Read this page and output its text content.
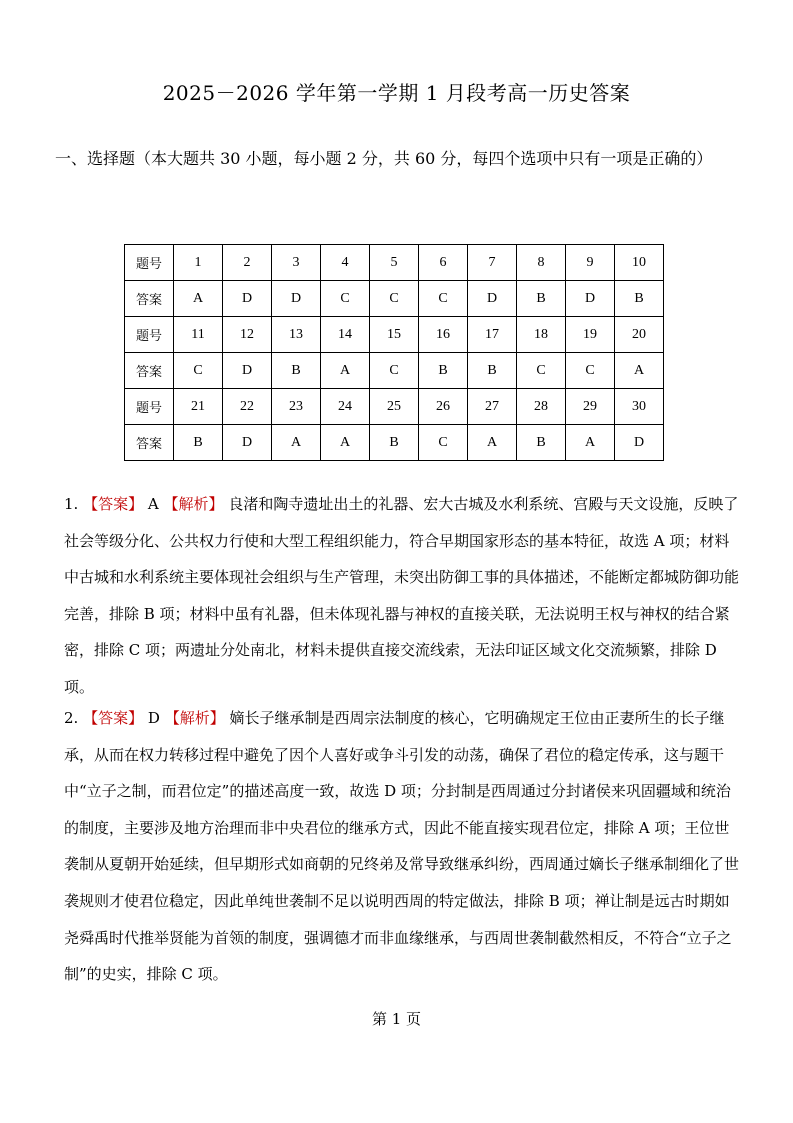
2025－2026 学年第一学期 1 月段考高一历史答案
一、选择题（本大题共 30 小题，每小题 2 分，共 60 分，每四个选项中只有一项是正确的）
题号	1	2	3	4	5	6	7	8	9	10
答案	A	D	D	C	C	C	D	B	D	B
题号	11	12	13	14	15	16	17	18	19	20
答案	C	D	B	A	C	B	B	C	C	A
题号	21	22	23	24	25	26	27	28	29	30
答案	B	D	A	A	B	C	A	B	A	D
1. 【答案】 A 【解析】 良渚和陶寺遗址出土的礼器、宏大古城及水利系统、宫殿与天文设施，反映了社会等级分化、公共权力行使和大型工程组织能力，符合早期国家形态的基本特征，故选 A 项；材料中古城和水利系统主要体现社会组织与生产管理，未突出防御工事的具体描述，不能断定都城防御功能完善，排除 B 项；材料中虽有礼器，但未体现礼器与神权的直接关联，无法说明王权与神权的结合紧密，排除 C 项；两遗址分处南北，材料未提供直接交流线索，无法印证区域文化交流频繁，排除 D 项。
2. 【答案】 D 【解析】 嫡长子继承制是西周宗法制度的核心，它明确规定王位由正妻所生的长子继承，从而在权力转移过程中避免了因个人喜好或争斗引发的动荡，确保了君位的稳定传承，这与题干中“立子之制，而君位定”的描述高度一致，故选 D 项；分封制是西周通过分封诸侯来巩固疆域和统治的制度，主要涉及地方治理而非中央君位的继承方式，因此不能直接实现君位定，排除 A 项；王位世袭制从夏朝开始延续，但早期形式如商朝的兄终弟及常导致继承纠纷，西周通过嫡长子继承制细化了世袭规则才使君位稳定，因此单纯世袭制不足以说明西周的特定做法，排除 B 项；禅让制是远古时期如尧舜禹时代推举贤能为首领的制度，强调德才而非血缘继承，与西周世袭制截然相反，不符合“立子之制”的史实，排除 C 项。
第 1 页
